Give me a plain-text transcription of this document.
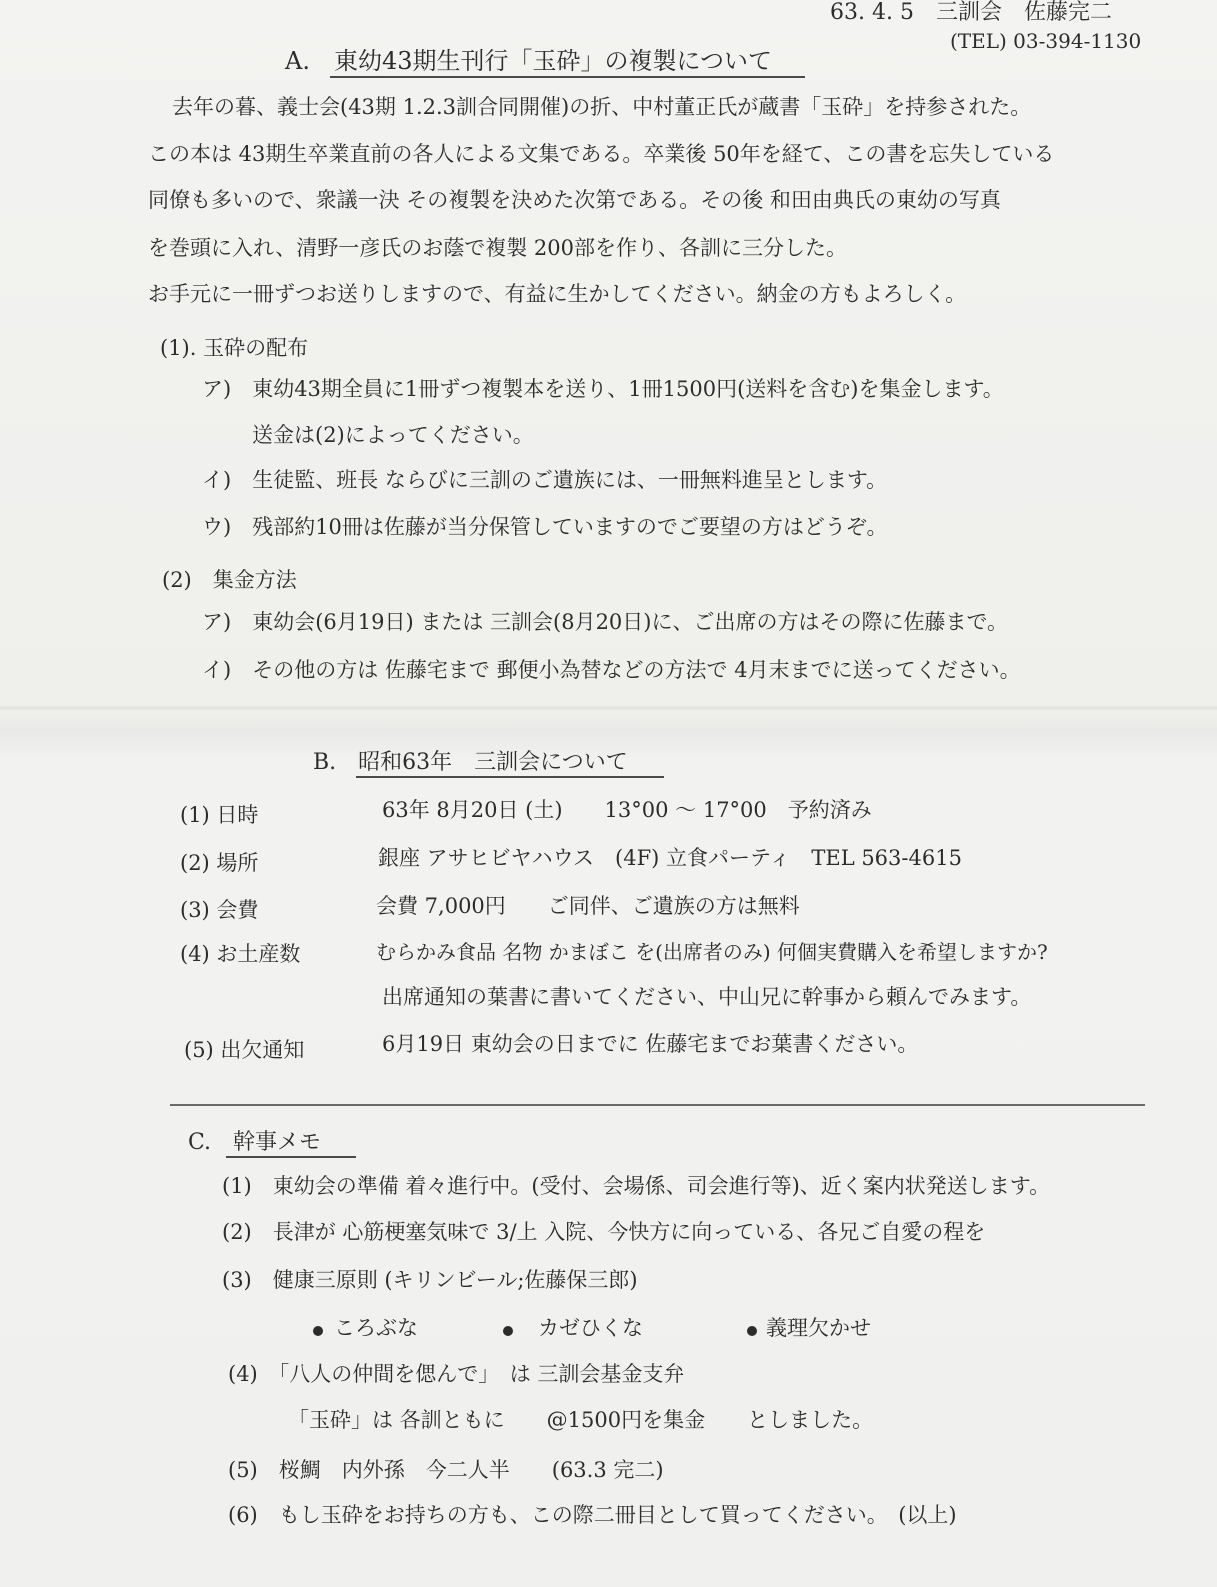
63. 4. 5　三訓会　佐藤完二
(TEL) 03-394-1130
A.　東幼43期生刊行「玉砕」の複製について
去年の暮、義士会(43期 1.2.3訓合同開催)の折、中村董正氏が蔵書「玉砕」を持参された。
この本は 43期生卒業直前の各人による文集である。卒業後 50年を経て、この書を忘失している
同僚も多いので、衆議一決 その複製を決めた次第である。その後 和田由典氏の東幼の写真
を巻頭に入れ、清野一彦氏のお蔭で複製 200部を作り、各訓に三分した。
お手元に一冊ずつお送りしますので、有益に生かしてください。納金の方もよろしく。
(1). 玉砕の配布
ア)　東幼43期全員に1冊ずつ複製本を送り、1冊1500円(送料を含む)を集金します。
送金は(2)によってください。
イ)　生徒監、班長 ならびに三訓のご遺族には、一冊無料進呈とします。
ウ)　残部約10冊は佐藤が当分保管していますのでご要望の方はどうぞ。
(2)　集金方法
ア)　東幼会(6月19日) または 三訓会(8月20日)に、ご出席の方はその際に佐藤まで。
イ)　その他の方は 佐藤宅まで 郵便小為替などの方法で 4月末までに送ってください。
B.　昭和63年　三訓会について
(1) 日時	63年 8月20日 (土)　　13°00 ～ 17°00　予約済み
(2) 場所	銀座 アサヒビヤハウス　(4F) 立食パーティ　TEL 563-4615
(3) 会費	会費 7,000円　　ご同伴、ご遺族の方は無料
(4) お土産数	むらかみ食品 名物 かまぼこ を(出席者のみ) 何個実費購入を希望しますか?
出席通知の葉書に書いてください、中山兄に幹事から頼んでみます。
(5) 出欠通知	6月19日 東幼会の日までに 佐藤宅までお葉書ください。
C.　幹事メモ
(1)　東幼会の準備 着々進行中。(受付、会場係、司会進行等)、近く案内状発送します。
(2)　長津が 心筋梗塞気味で 3/上 入院、今快方に向っている、各兄ご自愛の程を
(3)　健康三原則 (キリンビール;佐藤保三郎)
ころぶな	カゼひくな	義理欠かせ
(4)　「八人の仲間を偲んで」　は 三訓会基金支弁
「玉砕」は 各訓ともに　　@1500円を集金　　としました。
(5)　桜鯛　内外孫　今二人半　　(63.3 完二)
(6)　もし玉砕をお持ちの方も、この際二冊目として買ってください。　(以上)
